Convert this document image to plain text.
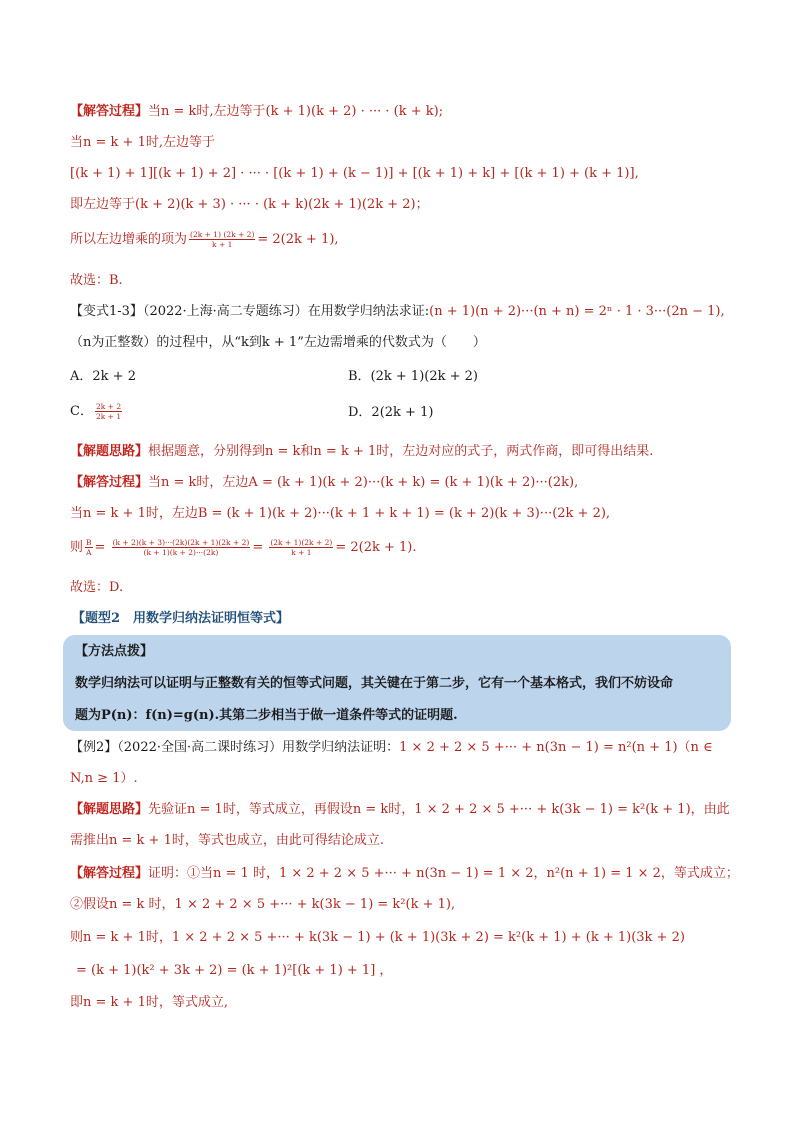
【解答过程】当n = k时,左边等于(k + 1)(k + 2) · ··· · (k + k);
当n = k + 1时,左边等于
[(k + 1) + 1][(k + 1) + 2] · ··· · [(k + 1) + (k − 1)] + [(k + 1) + k] + [(k + 1) + (k + 1)],
即左边等于(k + 2)(k + 3) · ··· · (k + k)(2k + 1)(2k + 2)；
所以左边增乘的项为 $\frac{(2k + 1) (2k + 2)}{k + 1} = 2(2k + 1)$,
故选：B.
【变式1-3】（2022·上海·高二专题练习）在用数学归纳法求证:(n + 1)(n + 2)···(n + n) = 2ⁿ · 1 · 3···(2n − 1),
（n为正整数）的过程中，从“k到k + 1”左边需增乘的代数式为（　　）
A．2k + 2	B．(2k + 1)(2k + 2)
C． $\frac{2k + 2}{2k + 1}$	D．2(2k + 1)
【解题思路】根据题意，分别得到n = k和n = k + 1时，左边对应的式子，两式作商，即可得出结果.
【解答过程】当n = k时，左边A = (k + 1)(k + 2)···(k + k) = (k + 1)(k + 2)···(2k),
当n = k + 1时，左边B = (k + 1)(k + 2)···(k + 1 + k + 1) = (k + 2)(k + 3)···(2k + 2),
则 $\frac{B}{A} = \frac{(k + 2)(k + 3)\cdot\cdot\cdot(2k)(2k + 1)(2k + 2)}{(k + 1)(k + 2)\cdot\cdot\cdot(2k)} = \frac{(2k + 1)(2k + 2)}{k + 1} = 2(2k + 1)$.
故选：D.
【题型2　用数学归纳法证明恒等式】
【方法点拨】
数学归纳法可以证明与正整数有关的恒等式问题，其关键在于第二步，它有一个基本格式，我们不妨设命
题为P(n)：f(n)=g(n).其第二步相当于做一道条件等式的证明题.
【例2】（2022·全国·高二课时练习）用数学归纳法证明：1 × 2 + 2 × 5 +··· + n(3n − 1) = n²(n + 1)（n ∈
N,n ≥ 1）.
【解题思路】先验证n = 1时，等式成立，再假设n = k时，1 × 2 + 2 × 5 +··· + k(3k − 1) = k²(k + 1)，由此
需推出n = k + 1时，等式也成立，由此可得结论成立.
【解答过程】证明：①当n = 1 时，1 × 2 + 2 × 5 +··· + n(3n − 1) = 1 × 2，n²(n + 1) = 1 × 2，等式成立；
②假设n = k 时，1 × 2 + 2 × 5 +··· + k(3k − 1) = k²(k + 1),
则n = k + 1时，1 × 2 + 2 × 5 +··· + k(3k − 1) + (k + 1)(3k + 2) = k²(k + 1) + (k + 1)(3k + 2)
= (k + 1)(k² + 3k + 2) = (k + 1)²[(k + 1) + 1] ，
即n = k + 1时，等式成立,
